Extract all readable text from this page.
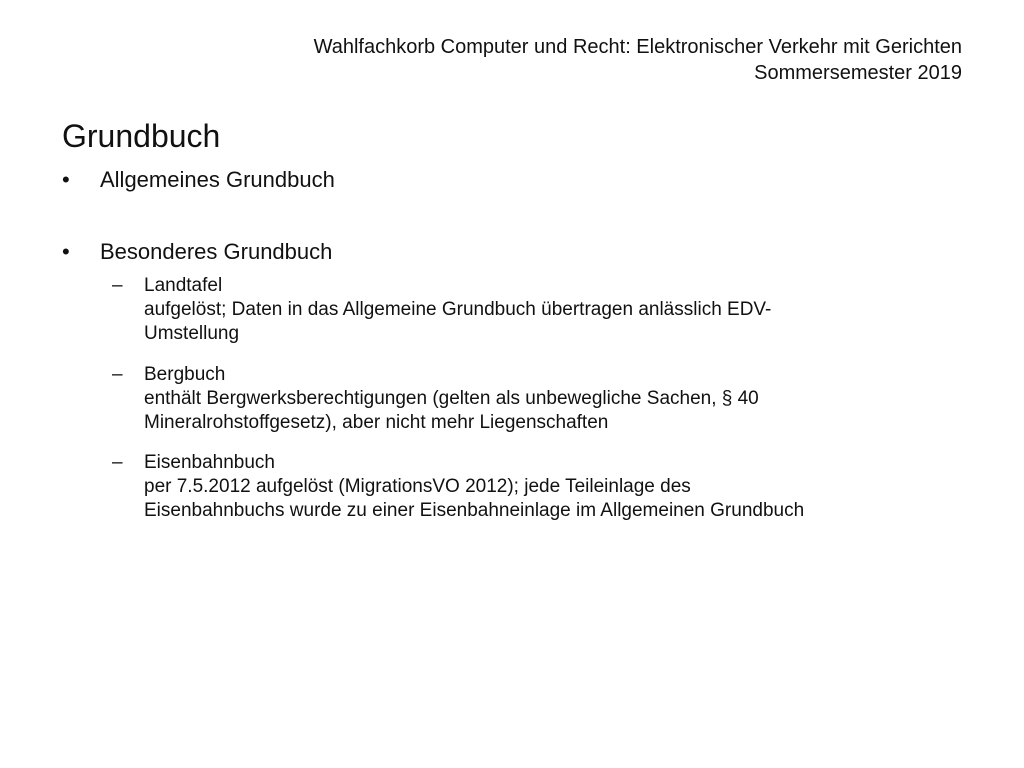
Wahlfachkorb Computer und Recht: Elektronischer Verkehr mit Gerichten
Sommersemester 2019
Grundbuch
•	Allgemeines Grundbuch
•	Besonderes Grundbuch
–	Landtafel
aufgelöst; Daten in das Allgemeine Grundbuch übertragen anlässlich EDV-
Umstellung
–	Bergbuch
enthält Bergwerksberechtigungen (gelten als unbewegliche Sachen, § 40
Mineralrohstoffgesetz), aber nicht mehr Liegenschaften
–	Eisenbahnbuch
per 7.5.2012 aufgelöst (MigrationsVO 2012); jede Teileinlage des
Eisenbahnbuchs wurde zu einer Eisenbahneinlage im Allgemeinen Grundbuch
